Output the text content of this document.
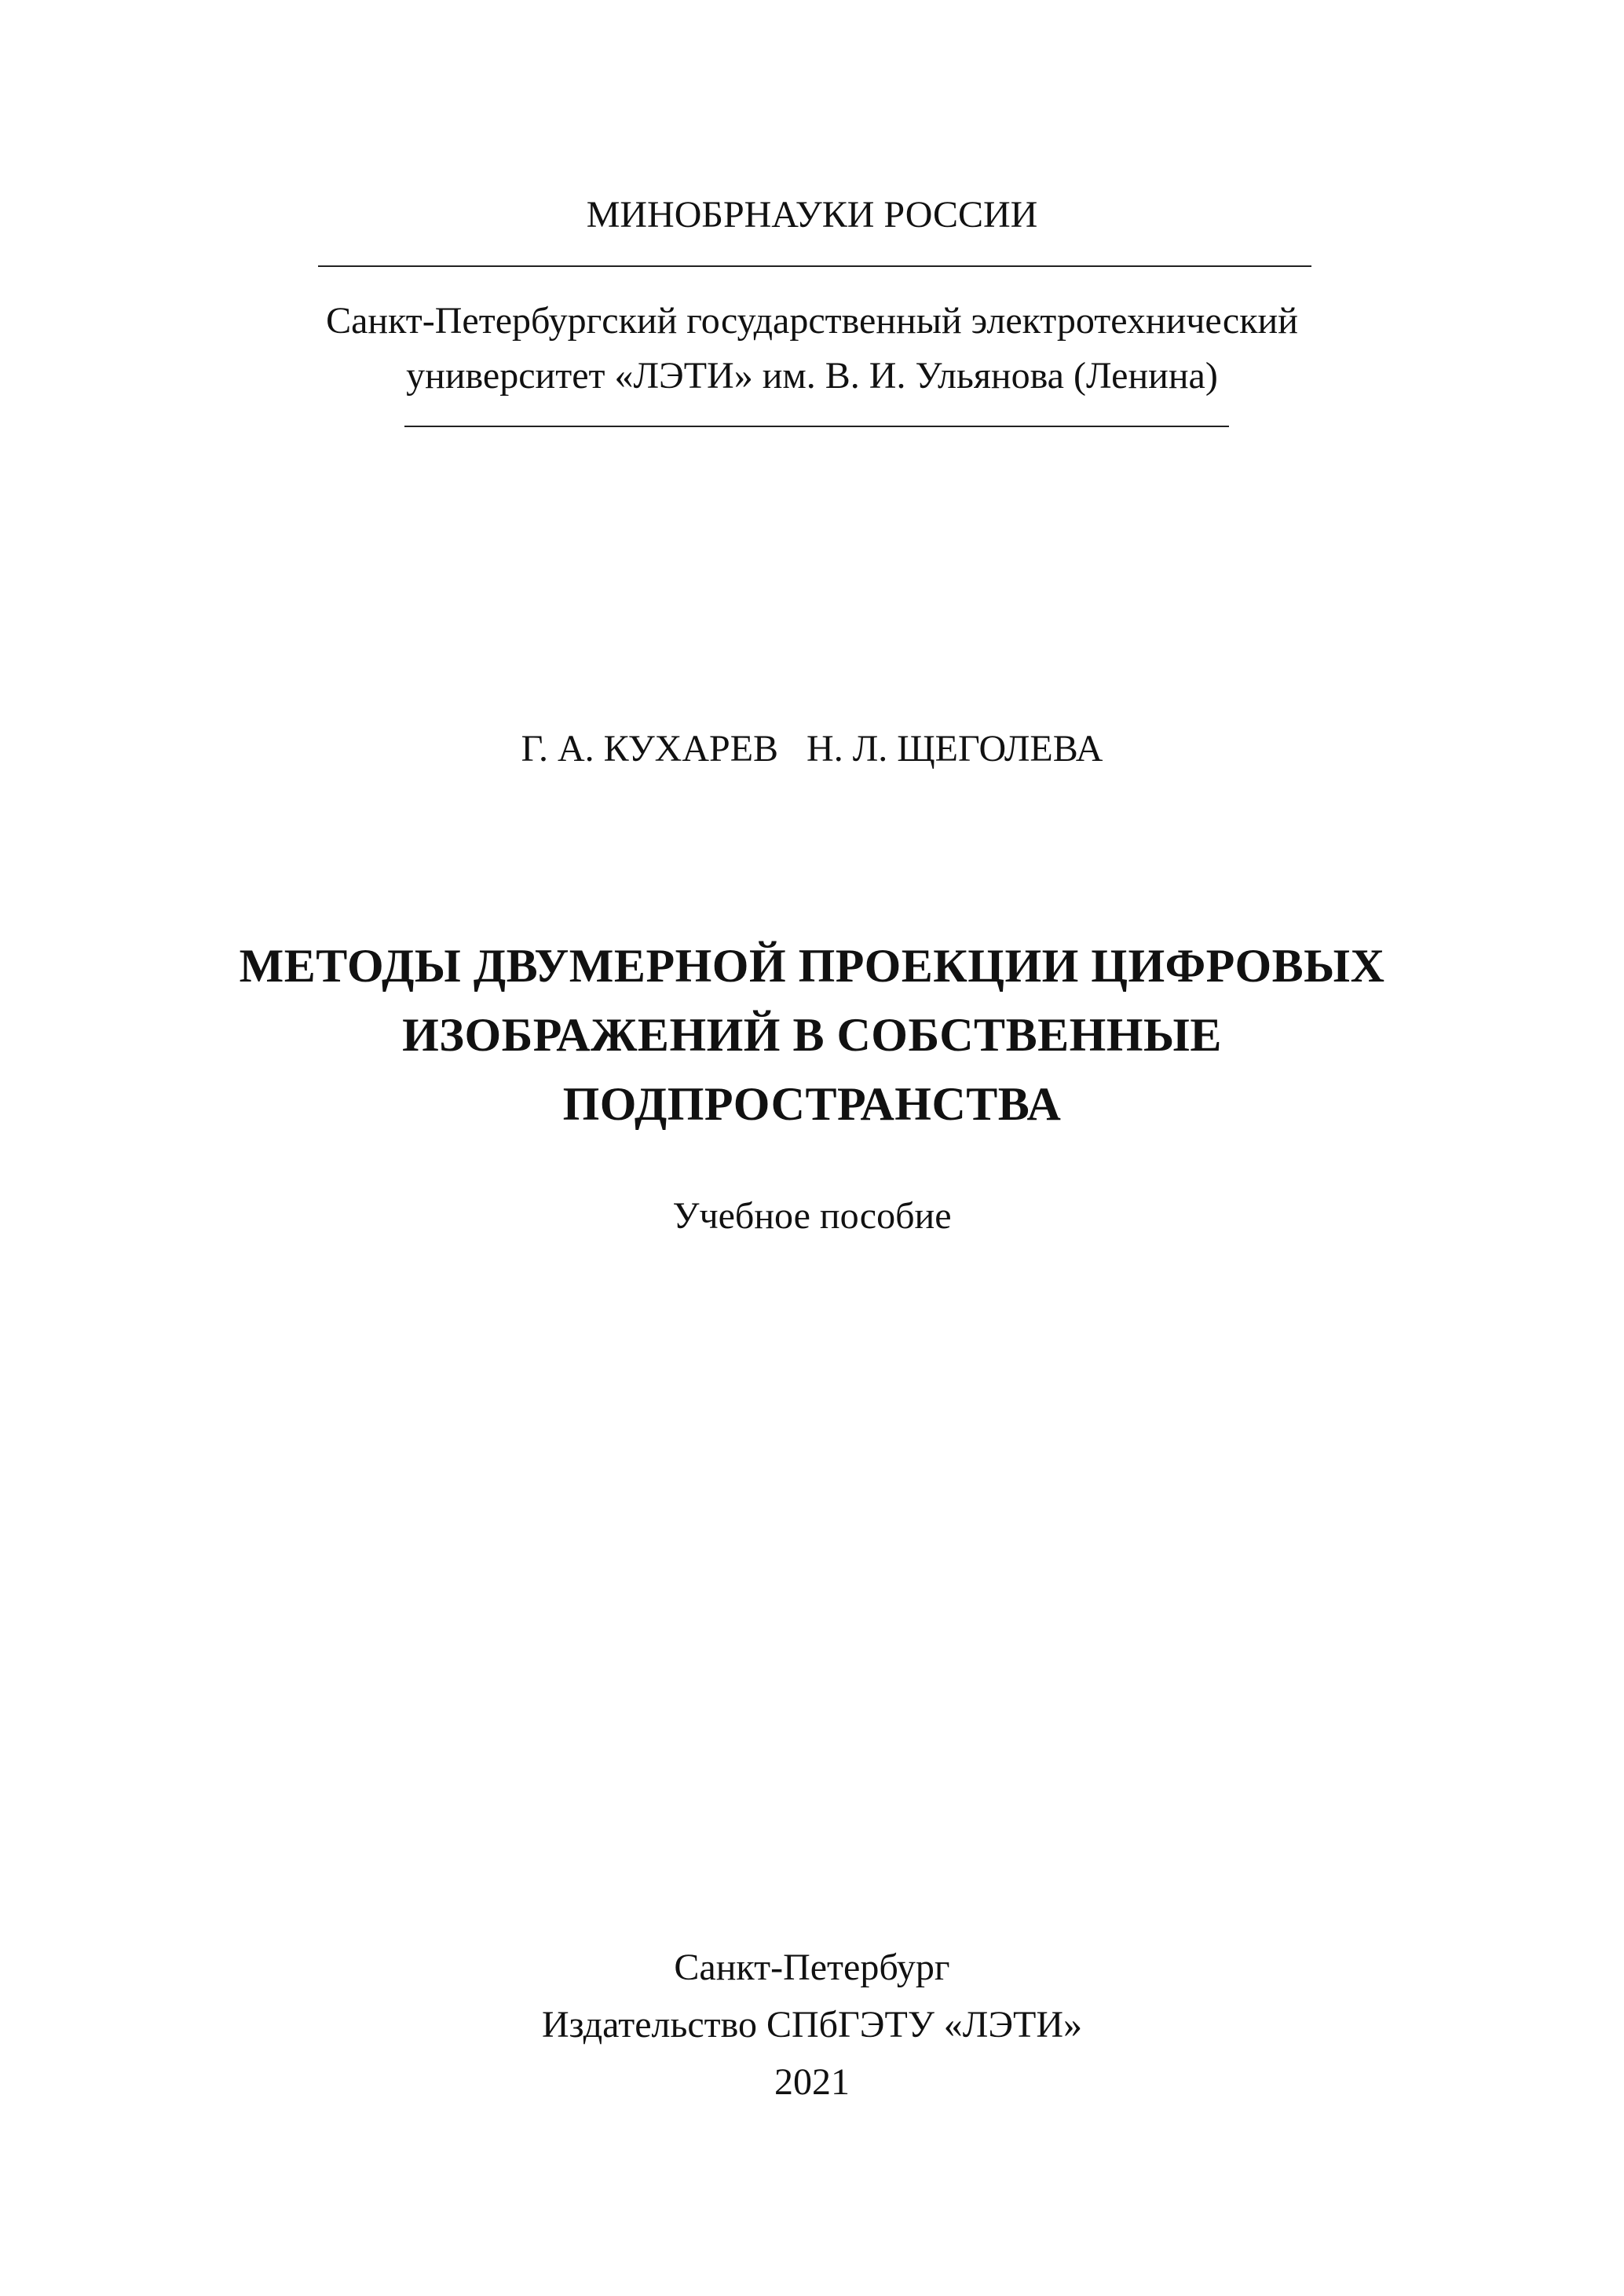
МИНОБРНАУКИ РОССИИ
Санкт-Петербургский государственный электротехнический
университет «ЛЭТИ» им. В. И. Ульянова (Ленина)
Г. А. КУХАРЕВ   Н. Л. ЩЕГОЛЕВА
МЕТОДЫ ДВУМЕРНОЙ ПРОЕКЦИИ ЦИФРОВЫХ
ИЗОБРАЖЕНИЙ В СОБСТВЕННЫЕ
ПОДПРОСТРАНСТВА
Учебное пособие
Санкт-Петербург
Издательство СПбГЭТУ «ЛЭТИ»
2021
